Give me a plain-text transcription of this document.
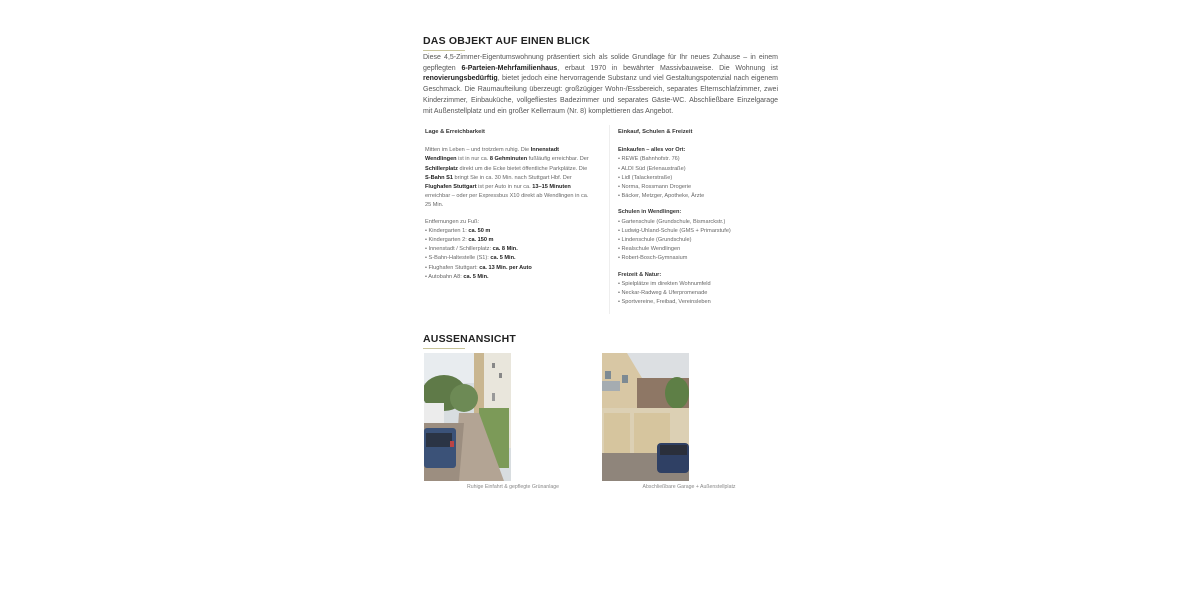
DAS OBJEKT AUF EINEN BLICK

Diese 4,5-Zimmer-Eigentumswohnung präsentiert sich als solide Grundlage für Ihr neues Zuhause – in einem gepflegten 6-Parteien-Mehrfamilienhaus, erbaut 1970 in bewährter Massivbauweise. Die Wohnung ist renovierungsbedürftig, bietet jedoch eine hervorragende Substanz und viel Gestaltungspotenzial nach eigenem Geschmack. Die Raumaufteilung überzeugt: großzügiger Wohn-/Essbereich, separates Elternschlafzimmer, zwei Kinderzimmer, Einbauküche, vollgefliestes Badezimmer und separates Gäste-WC. Abschließbare Einzelgarage mit Außenstellplatz und ein großer Kellerraum (Nr. 8) komplettieren das Angebot.

Lage & Erreichbarkeit

Mitten im Leben – und trotzdem ruhig. Die Innenstadt Wendlingen ist in nur ca. 8 Gehminuten fußläufig erreichbar. Der Schillerplatz direkt um die Ecke bietet öffentliche Parkplätze. Die S-Bahn S1 bringt Sie in ca. 30 Min. nach Stuttgart Hbf. Der Flughafen Stuttgart ist per Auto in nur ca. 13–15 Minuten erreichbar – oder per Expressbus X10 direkt ab Wendlingen in ca. 25 Min.

Entfernungen zu Fuß:
• Kindergarten 1: ca. 50 m
• Kindergarten 2: ca. 150 m
• Innenstadt / Schillerplatz: ca. 8 Min.
• S-Bahn-Haltestelle (S1): ca. 5 Min.
• Flughafen Stuttgart: ca. 13 Min. per Auto
• Autobahn A8: ca. 5 Min.
Einkauf, Schulen & Freizeit
Einkaufen – alles vor Ort:
• REWE (Bahnhofstr. 76)
• ALDI Süd (Erlenaustraße)
• Lidl (Talackerstraße)
• Norma, Rossmann Drogerie
• Bäcker, Metzger, Apotheke, Ärzte
Schulen in Wendlingen:
• Gartenschule (Grundschule, Bismarckstr.)
• Ludwig-Uhland-Schule (GMS + Primarstufe)
• Lindenschule (Grundschule)
• Realschule Wendlingen
• Robert-Bosch-Gymnasium
Freizeit & Natur:
• Spielplätze im direkten Wohnumfeld
• Neckar-Radweg & Uferpromenade
• Sportvereine, Freibad, Vereinsleben
AUSSENANSICHT
Ruhige Einfahrt & gepflegte Grünanlage	Abschließbare Garage + Außenstellplatz
